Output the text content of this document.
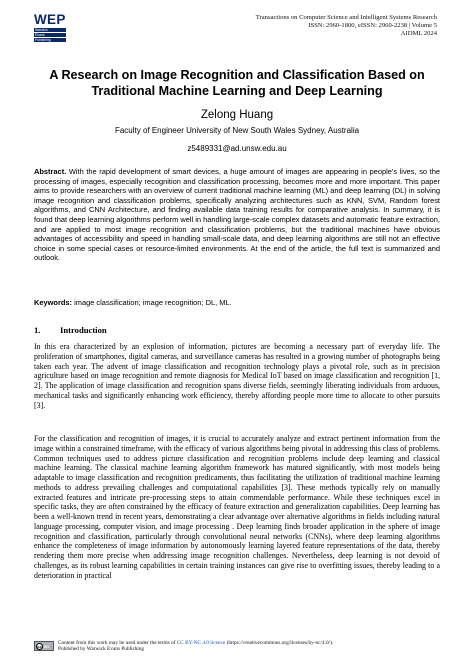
WEP
Warwick
Evans
Publishing
Transactions on Computer Science and Intelligent Systems Research
ISSN: 2960-1800, eISSN: 2960-2238 | Volume 5
AIDML 2024
A Research on Image Recognition and Classification Based on Traditional Machine Learning and Deep Learning
Zelong Huang
Faculty of Engineer University of New South Wales Sydney, Australia
z5489331@ad.unsw.edu.au
Abstract. With the rapid development of smart devices, a huge amount of images are appearing in people's lives, so the processing of images, especially recognition and classification processing, becomes more and more important. This paper aims to provide researchers with an overview of current traditional machine learning (ML) and deep learning (DL) in solving image recognition and classification problems, specifically analyzing architectures such as KNN, SVM, Random forest algorithms, and CNN Architecture, and finding available data training results for comparative analysis. In summary, it is found that deep learning algorithms perform well in handling large-scale complex datasets and automatic feature extraction, and are applied to most image recognition and classification problems, but the traditional machines have obvious advantages of accessibility and speed in handling small-scale data, and deep learning algorithms are still not an effective choice in some special cases or resource-limited environments. At the end of the article, the full text is summarized and outlook.
Keywords: image classification; image recognition; DL, ML.
1. Introduction
In this era characterized by an explosion of information, pictures are becoming a necessary part of everyday life. The proliferation of smartphones, digital cameras, and surveillance cameras has resulted in a growing number of photographs being taken each year. The advent of image classification and recognition technology plays a pivotal role, such as in precision agriculture based on image recognition and remote diagnosis for Medical IoT based on image classification and recognition [1, 2]. The application of image classification and recognition spans diverse fields, seemingly liberating individuals from arduous, mechanical tasks and significantly enhancing work efficiency, thereby affording people more time to allocate to other pursuits [3].
For the classification and recognition of images, it is crucial to accurately analyze and extract pertinent information from the image within a constrained timeframe, with the efficacy of various algorithms being pivotal in addressing this class of problems. Common techniques used to address picture classification and recognition problems include deep learning and classical machine learning. The classical machine learning algorithm framework has matured significantly, with most models being adaptable to image classification and recognition predicaments, thus facilitating the utilization of traditional machine learning methods to address prevailing challenges and computational capabilities [3]. These methods typically rely on manually extracted features and intricate pre-processing steps to attain commendable performance. While these techniques excel in specific tasks, they are often constrained by the efficacy of feature extraction and generalization capabilities. Deep learning has been a well-known trend in recent years, demonstrating a clear advantage over alternative algorithms in fields including natural language processing, computer vision, and image processing . Deep learning finds broader application in the sphere of image recognition and classification, particularly through convolutional neural networks (CNNs), where deep learning algorithms enhance the completeness of image information by autonomously learning layered feature representations of the data, thereby rendering them more precise when addressing image recognition challenges. Nevertheless, deep learning is not devoid of challenges, as its robust learning capabilities in certain training instances can give rise to overfitting issues, thereby leading to a deterioration in practical
cc BY
Content from this work may be used under the terms of CC BY-NC 4.0 licence (https://creativecommons.org/licenses/by-nc/4.0/).
Published by Warwick Evans Publishing
